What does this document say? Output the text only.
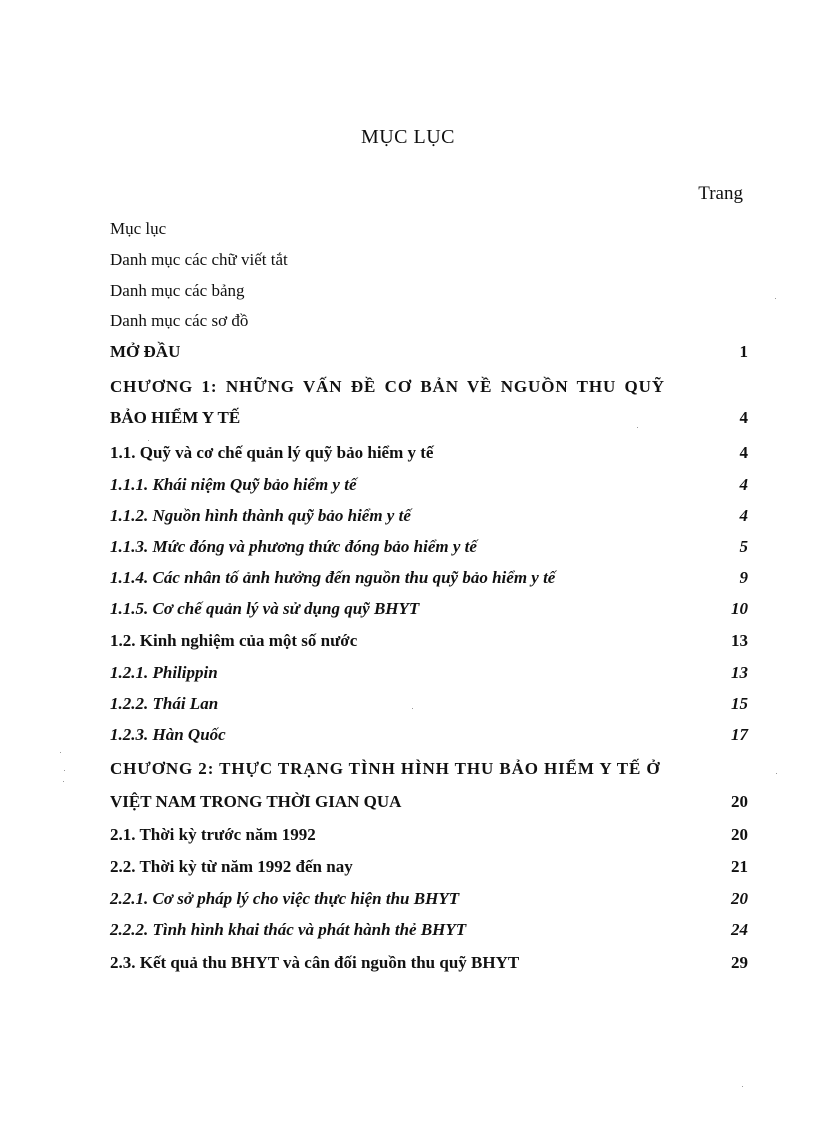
MỤC LỤC
Trang
Mục lục
Danh mục các chữ viết tắt
Danh mục các bảng
Danh mục các sơ đồ
MỞ ĐẦU	1
CHƯƠNG 1: NHỮNG VẤN ĐỀ CƠ BẢN VỀ NGUỒN THU QUỸ
BẢO HIỂM Y TẾ	4
1.1. Quỹ và cơ chế quản lý quỹ bảo hiểm y tế	4
1.1.1. Khái niệm Quỹ bảo hiểm y tế	4
1.1.2. Nguồn hình thành quỹ bảo hiểm y tế	4
1.1.3. Mức đóng và phương thức đóng bảo hiểm y tế	5
1.1.4. Các nhân tố ảnh hưởng đến nguồn thu quỹ bảo hiểm y tế	9
1.1.5. Cơ chế quản lý và sử dụng quỹ BHYT	10
1.2. Kinh nghiệm của một số nước	13
1.2.1. Philippin	13
1.2.2. Thái Lan	15
1.2.3. Hàn Quốc	17
CHƯƠNG 2: THỰC TRẠNG TÌNH HÌNH THU BẢO HIỂM Y TẾ Ở
VIỆT NAM TRONG THỜI GIAN QUA	20
2.1. Thời kỳ trước năm 1992	20
2.2. Thời kỳ từ năm 1992 đến nay	21
2.2.1. Cơ sở pháp lý cho việc thực hiện thu BHYT	20
2.2.2. Tình hình khai thác và phát hành thẻ BHYT	24
2.3. Kết quả thu BHYT và cân đối nguồn thu quỹ BHYT	29
